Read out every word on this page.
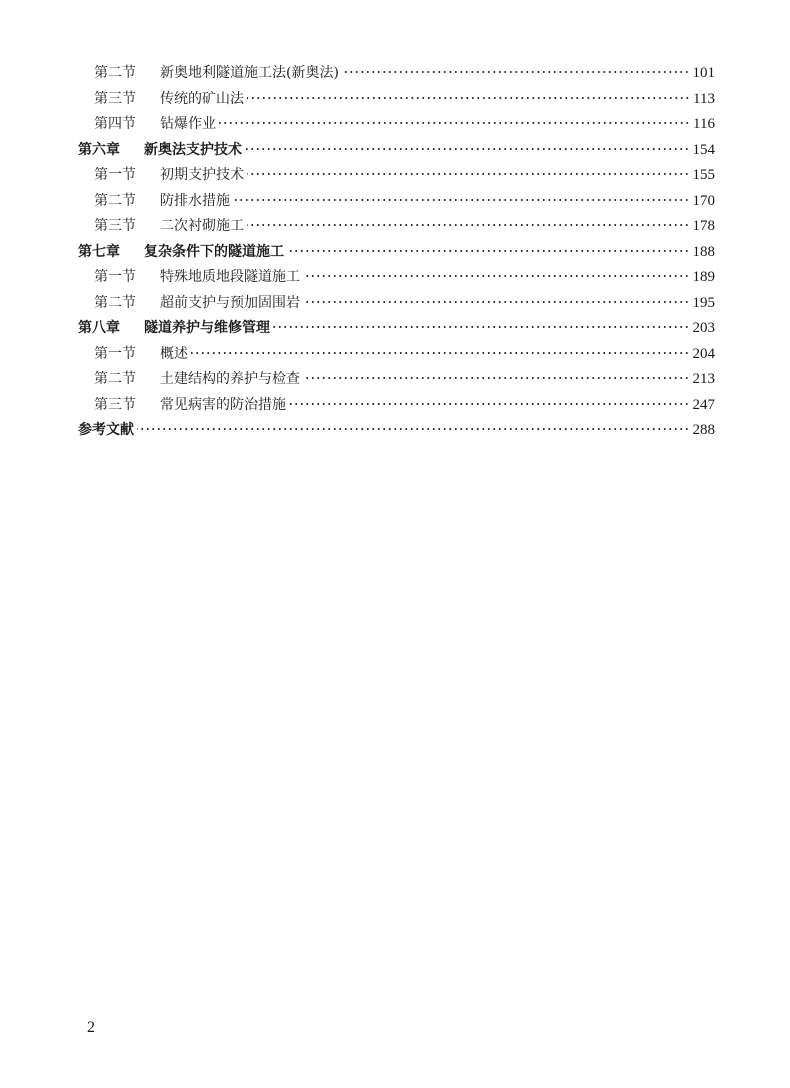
第二节	新奥地利隧道施工法(新奥法)	101
第三节	传统的矿山法	113
第四节	钻爆作业	116
第六章	新奥法支护技术	154
第一节	初期支护技术	155
第二节	防排水措施	170
第三节	二次衬砌施工	178
第七章	复杂条件下的隧道施工	188
第一节	特殊地质地段隧道施工	189
第二节	超前支护与预加固围岩	195
第八章	隧道养护与维修管理	203
第一节	概述	204
第二节	土建结构的养护与检查	213
第三节	常见病害的防治措施	247
参考文献	288
2
